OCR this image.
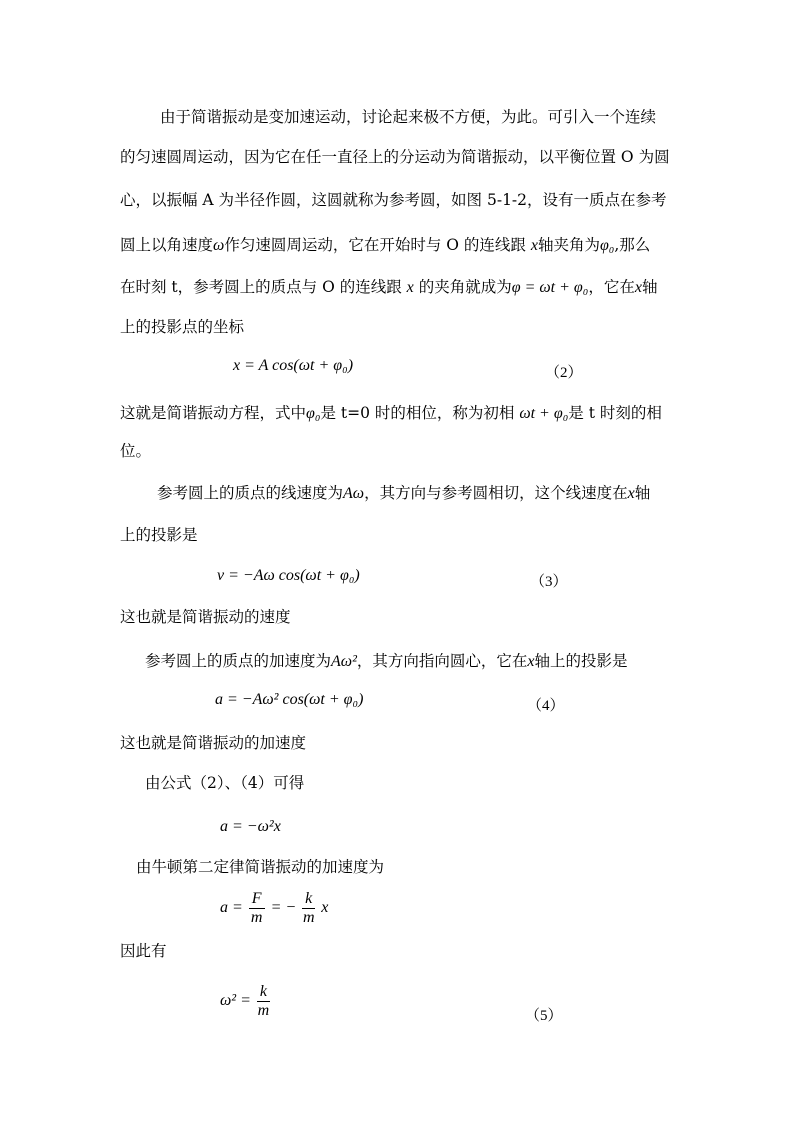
由于简谐振动是变加速运动，讨论起来极不方便，为此。可引入一个连续
的匀速圆周运动，因为它在任一直径上的分运动为简谐振动，以平衡位置 O 为圆
心，以振幅 A 为半径作圆，这圆就称为参考圆，如图 5-1-2，设有一质点在参考
圆上以角速度ω作匀速圆周运动，它在开始时与 O 的连线跟 x轴夹角为φ₀,那么
在时刻 t，参考圆上的质点与 O 的连线跟 x 的夹角就成为φ = ωt + φ₀，它在x轴
上的投影点的坐标
x = A cos(ωt + φ₀)	（2）
这就是简谐振动方程，式中φ₀是 t=0 时的相位，称为初相 ωt + φ₀是 t 时刻的相
位。
参考圆上的质点的线速度为Aω，其方向与参考圆相切，这个线速度在x轴
上的投影是
v = −Aω cos(ωt + φ₀)	（3）
这也就是简谐振动的速度
参考圆上的质点的加速度为Aω²，其方向指向圆心，它在x轴上的投影是
a = −Aω² cos(ωt + φ₀)	（4）
这也就是简谐振动的加速度
由公式（2）、（4）可得
a = −ω²x
由牛顿第二定律简谐振动的加速度为
$a = \frac{F}{m}$ = − $\frac{k}{m}$ x
因此有
$\omega^2 = \frac{k}{m}$	（5）
